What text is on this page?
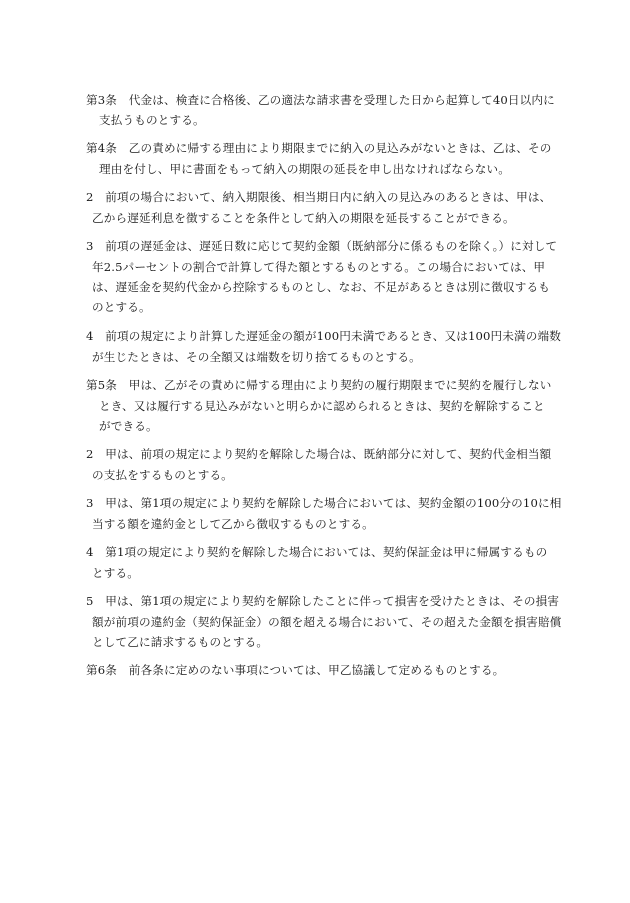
第3条　代金は、検査に合格後、乙の適法な請求書を受理した日から起算して40日以内に
支払うものとする。
第4条　乙の責めに帰する理由により期限までに納入の見込みがないときは、乙は、その
理由を付し、甲に書面をもって納入の期限の延長を申し出なければならない。
2　前項の場合において、納入期限後、相当期日内に納入の見込みのあるときは、甲は、
乙から遅延利息を徴することを条件として納入の期限を延長することができる。
3　前項の遅延金は、遅延日数に応じて契約金額（既納部分に係るものを除く。）に対して
年2.5パーセントの割合で計算して得た額とするものとする。この場合においては、甲
は、遅延金を契約代金から控除するものとし、なお、不足があるときは別に徴収するも
のとする。
4　前項の規定により計算した遅延金の額が100円未満であるとき、又は100円未満の端数
が生じたときは、その全額又は端数を切り捨てるものとする。
第5条　甲は、乙がその責めに帰する理由により契約の履行期限までに契約を履行しない
とき、又は履行する見込みがないと明らかに認められるときは、契約を解除すること
ができる。
2　甲は、前項の規定により契約を解除した場合は、既納部分に対して、契約代金相当額
の支払をするものとする。
3　甲は、第1項の規定により契約を解除した場合においては、契約金額の100分の10に相
当する額を違約金として乙から徴収するものとする。
4　第1項の規定により契約を解除した場合においては、契約保証金は甲に帰属するもの
とする。
5　甲は、第1項の規定により契約を解除したことに伴って損害を受けたときは、その損害
額が前項の違約金（契約保証金）の額を超える場合において、その超えた金額を損害賠償
として乙に請求するものとする。
第6条　前各条に定めのない事項については、甲乙協議して定めるものとする。
